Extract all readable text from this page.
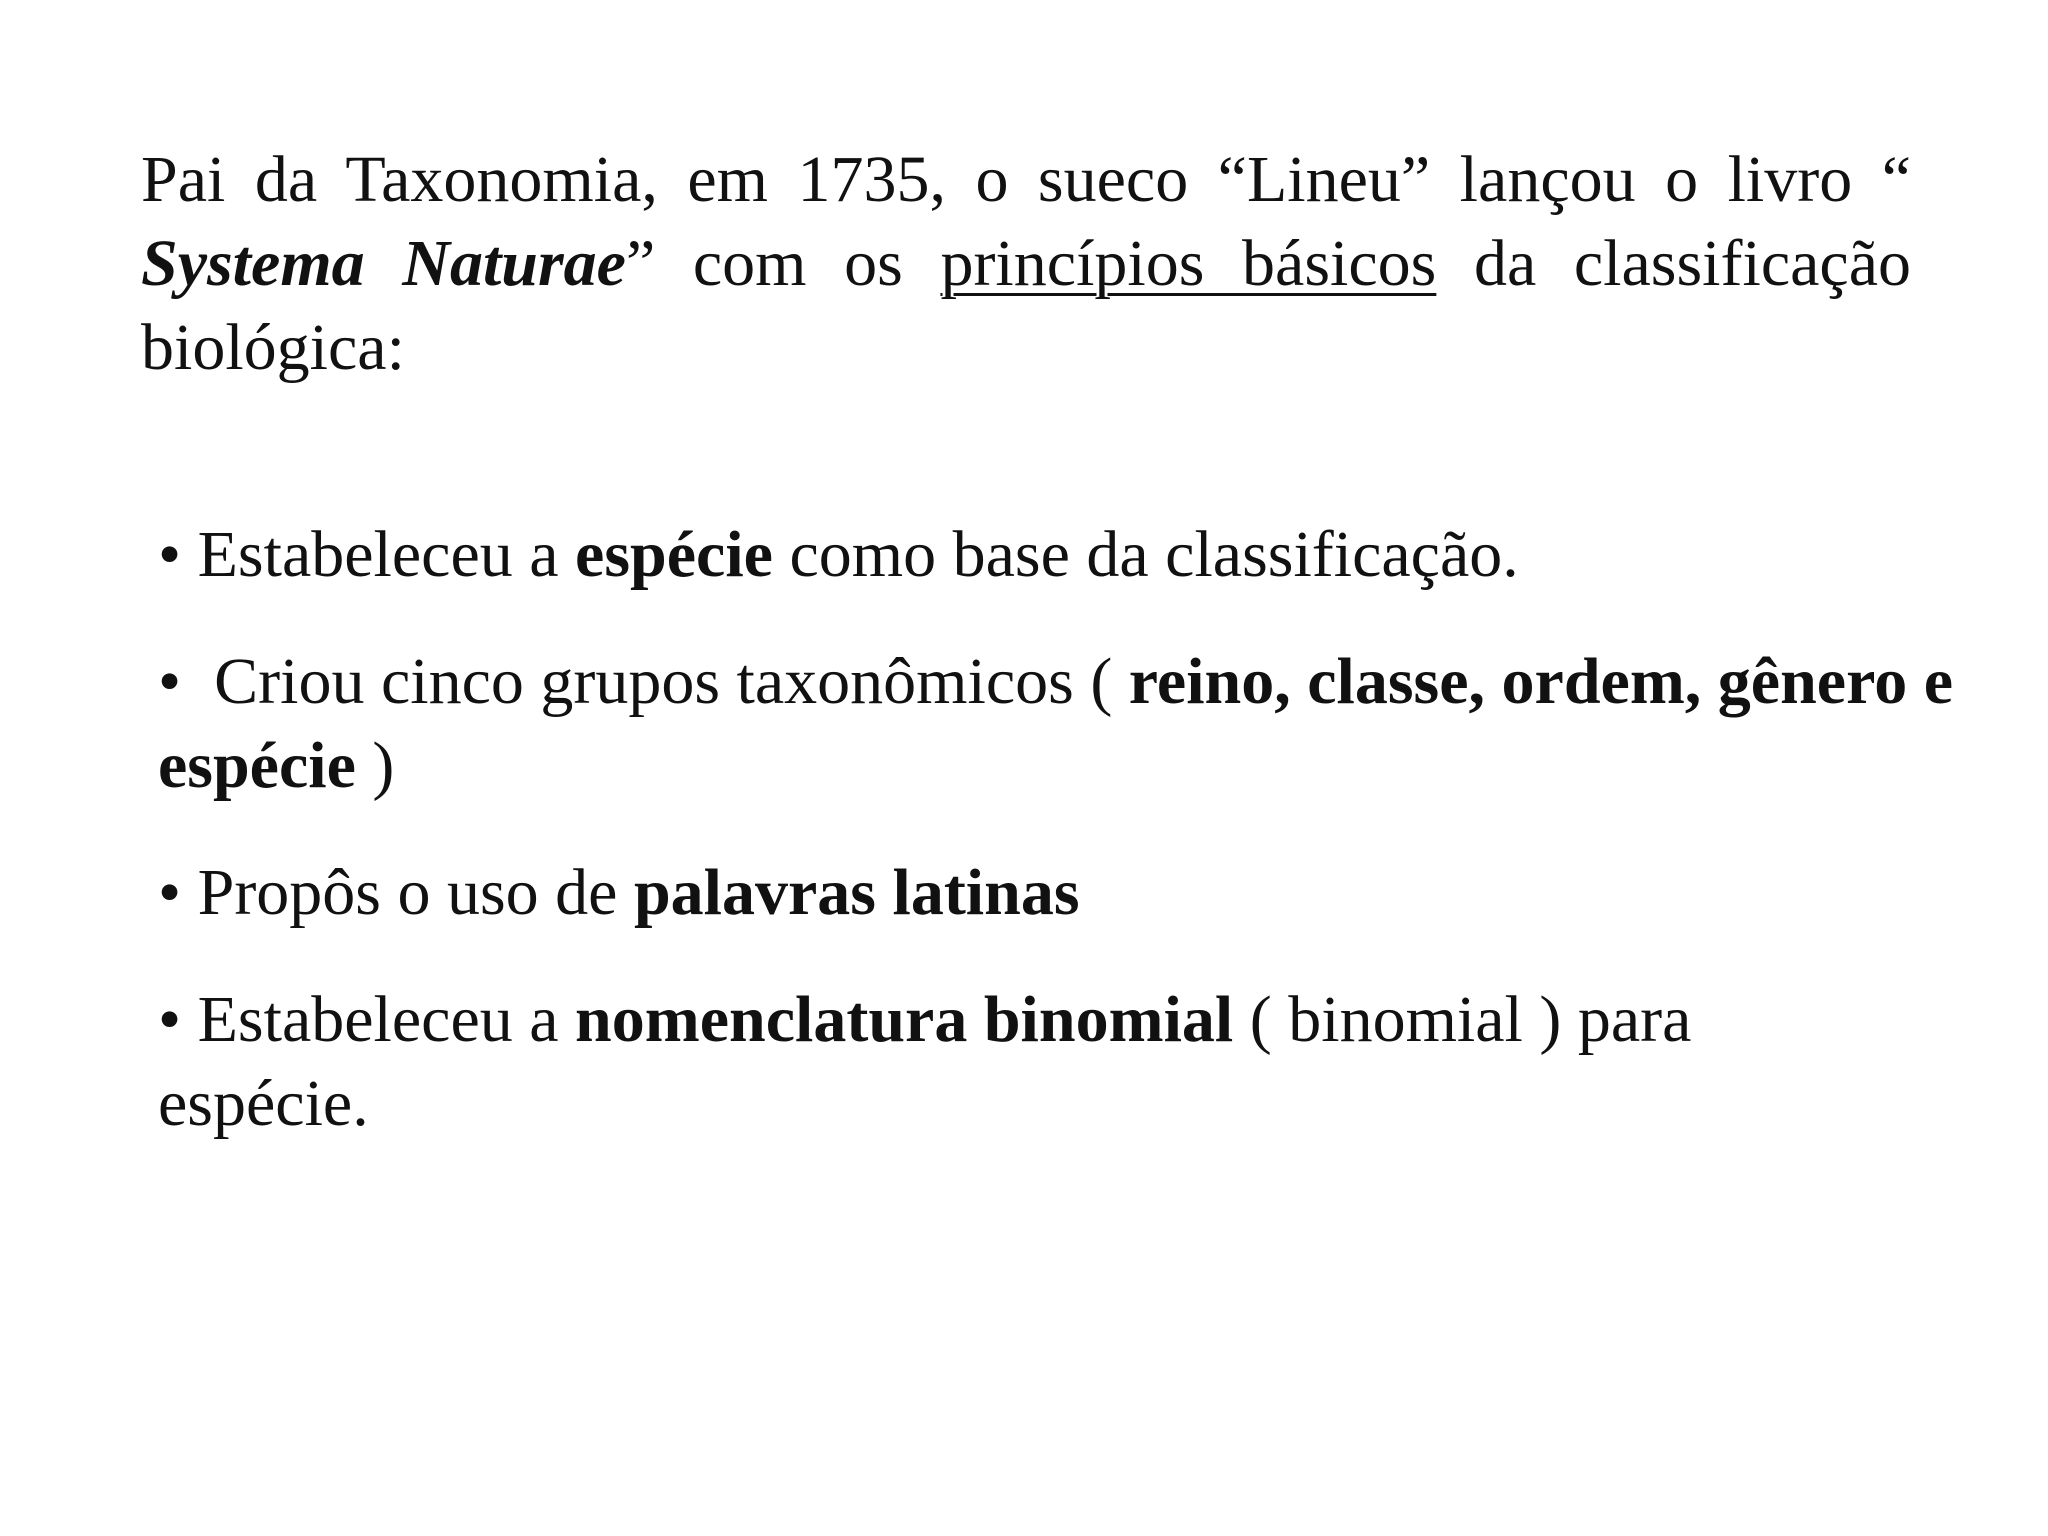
Pai da Taxonomia, em 1735, o sueco “Lineu” lançou o livro “ Systema Naturae” com os princípios básicos da classificação biológica:

• Estabeleceu a espécie como base da classificação.
•  Criou cinco grupos taxonômicos ( reino, classe, ordem, gênero e espécie )
• Propôs o uso de palavras latinas
• Estabeleceu a nomenclatura binomial ( binomial ) para espécie.
